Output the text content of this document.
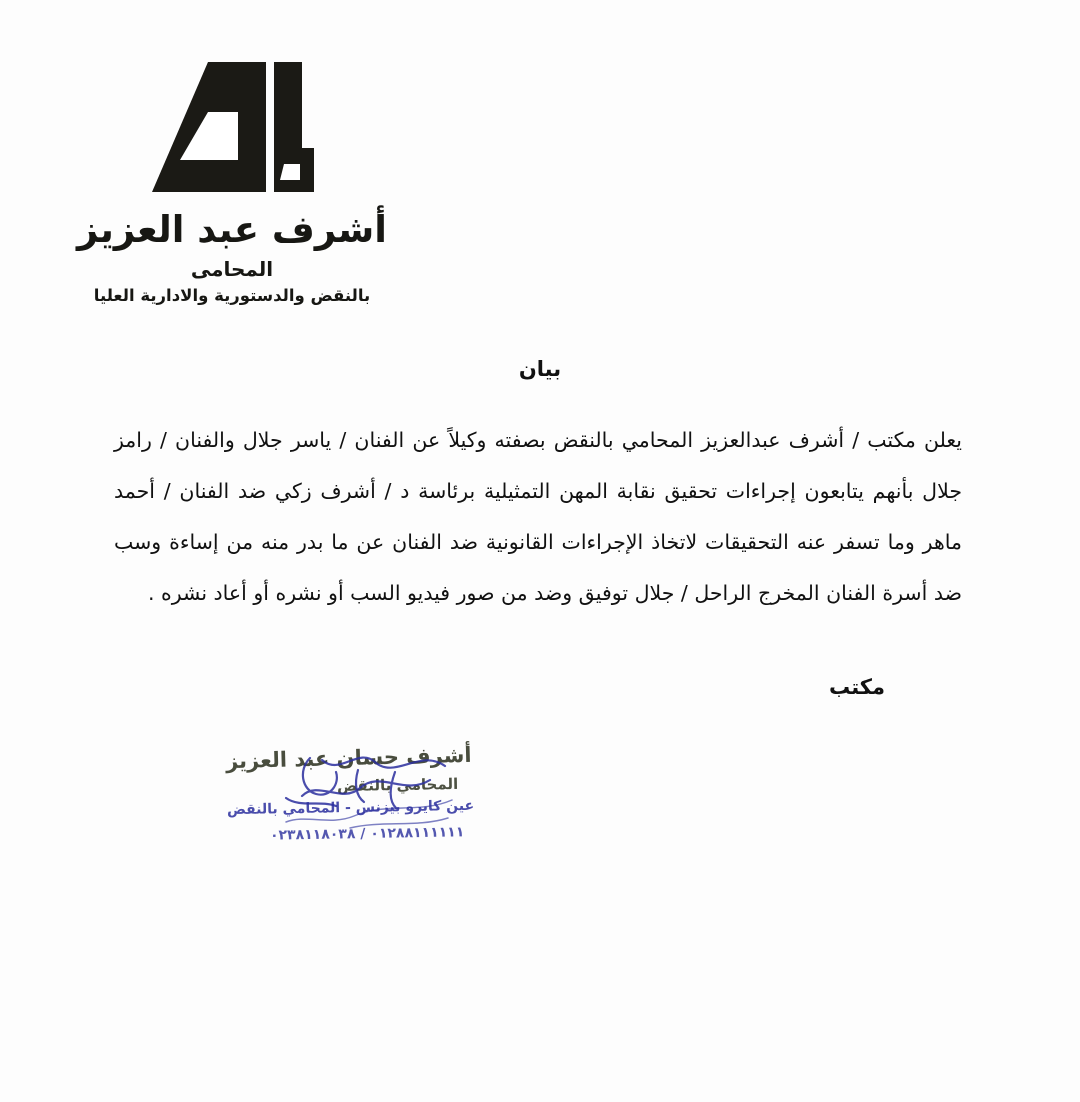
أشرف عبد العزيز
المحامى
بالنقض والدستورية والادارية العليا
بيان

يعلن مكتب / أشرف عبدالعزيز المحامي بالنقض بصفته وكيلاً عن الفنان / ياسر جلال والفنان / رامز جلال بأنهم يتابعون إجراءات تحقيق نقابة المهن التمثيلية برئاسة د / أشرف زكي ضد الفنان / أحمد ماهر وما تسفر عنه التحقيقات لاتخاذ الإجراءات القانونية ضد الفنان عن ما بدر منه من إساءة وسب ضد أسرة الفنان المخرج الراحل / جلال توفيق وضد من صور فيديو السب أو نشره أو أعاد نشره .

مكتب
أشرف حسان عبد العزيز
المحامي بالنقض
عين كايرو بيزنس - المحامي بالنقض
٠١٢٨٨١١١١١١ / ٠٢٣٨١١٨٠٣٨
